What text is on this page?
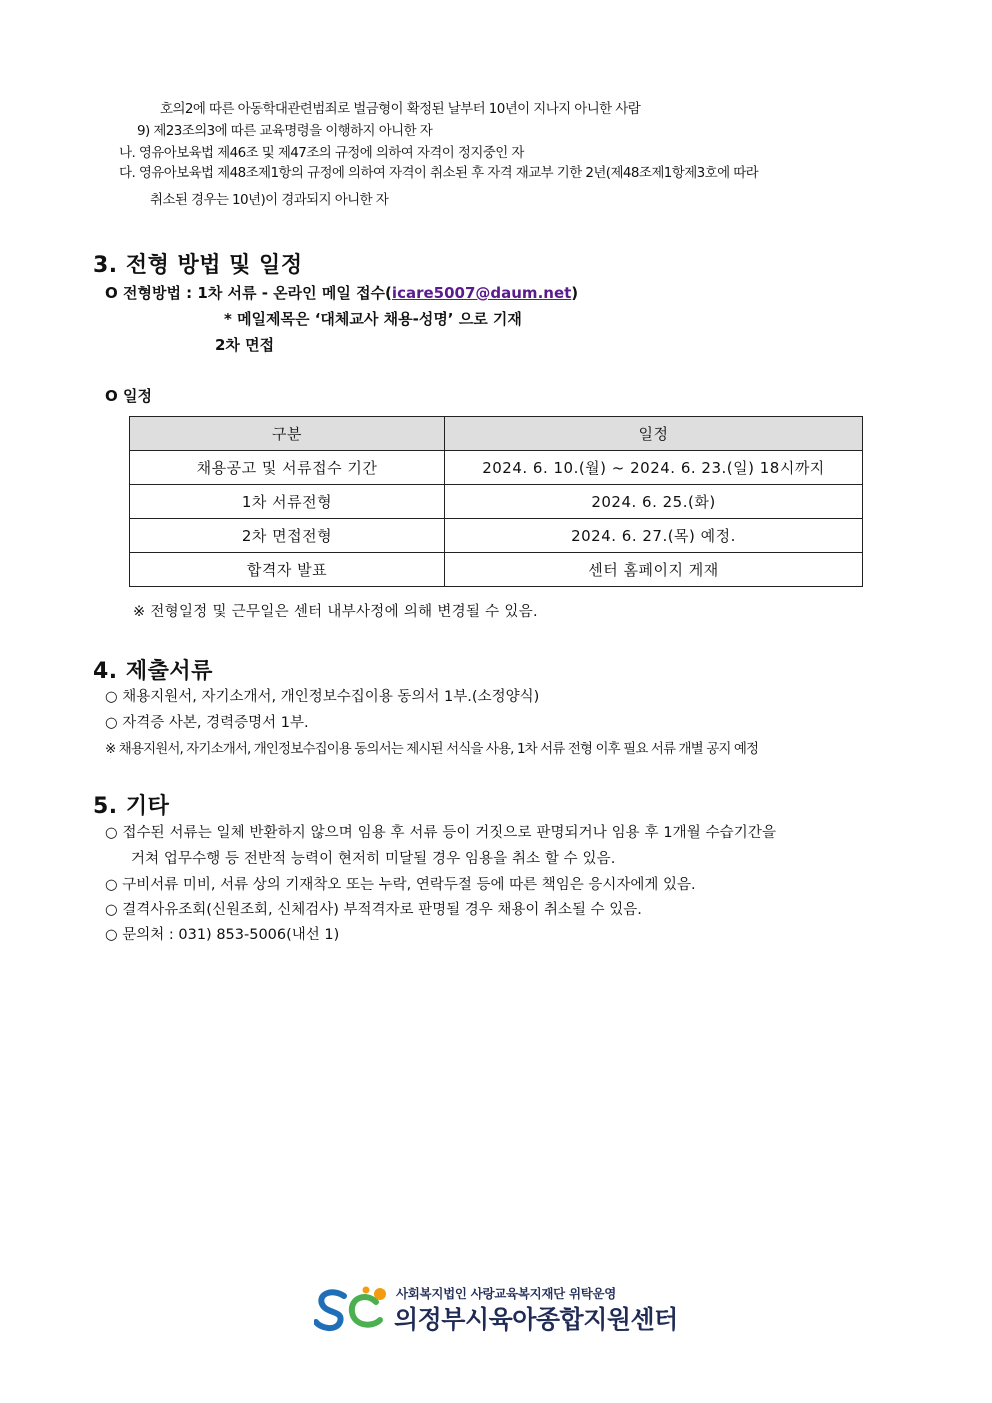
호의2에 따른 아동학대관련범죄로 벌금형이 확정된 날부터 10년이 지나지 아니한 사람
9) 제23조의3에 따른 교육명령을 이행하지 아니한 자
나. 영유아보육법 제46조 및 제47조의 규정에 의하여 자격이 정지중인 자
다. 영유아보육법 제48조제1항의 규정에 의하여 자격이 취소된 후 자격 재교부 기한 2년(제48조제1항제3호에 따라
취소된 경우는 10년)이 경과되지 아니한 자
3. 전형 방법 및 일정
O 전형방법 : 1차 서류 - 온라인 메일 접수(icare5007@daum.net)
* 메일제목은 ‘대체교사 채용-성명’ 으로 기재
2차 면접
O 일정
구분	일정
채용공고 및 서류접수 기간	2024. 6. 10.(월) ~ 2024. 6. 23.(일) 18시까지
1차 서류전형	2024. 6. 25.(화)
2차 면접전형	2024. 6. 27.(목) 예정.
합격자 발표	센터 홈페이지 게재
※ 전형일정 및 근무일은 센터 내부사정에 의해 변경될 수 있음.
4. 제출서류
○ 채용지원서, 자기소개서, 개인정보수집이용 동의서 1부.(소정양식)
○ 자격증 사본, 경력증명서 1부.
※ 채용지원서, 자기소개서, 개인정보수집이용 동의서는 제시된 서식을 사용, 1차 서류 전형 이후 필요 서류 개별 공지 예정
5. 기타
○ 접수된 서류는 일체 반환하지 않으며 임용 후 서류 등이 거짓으로 판명되거나 임용 후 1개월 수습기간을
거쳐 업무수행 등 전반적 능력이 현저히 미달될 경우 임용을 취소 할 수 있음.
○ 구비서류 미비, 서류 상의 기재착오 또는 누락, 연락두절 등에 따른 책임은 응시자에게 있음.
○ 결격사유조회(신원조회, 신체검사) 부적격자로 판명될 경우 채용이 취소될 수 있음.
○ 문의처 : 031) 853-5006(내선 1)
사회복지법인 사랑교육복지재단 위탁운영
의정부시육아종합지원센터
